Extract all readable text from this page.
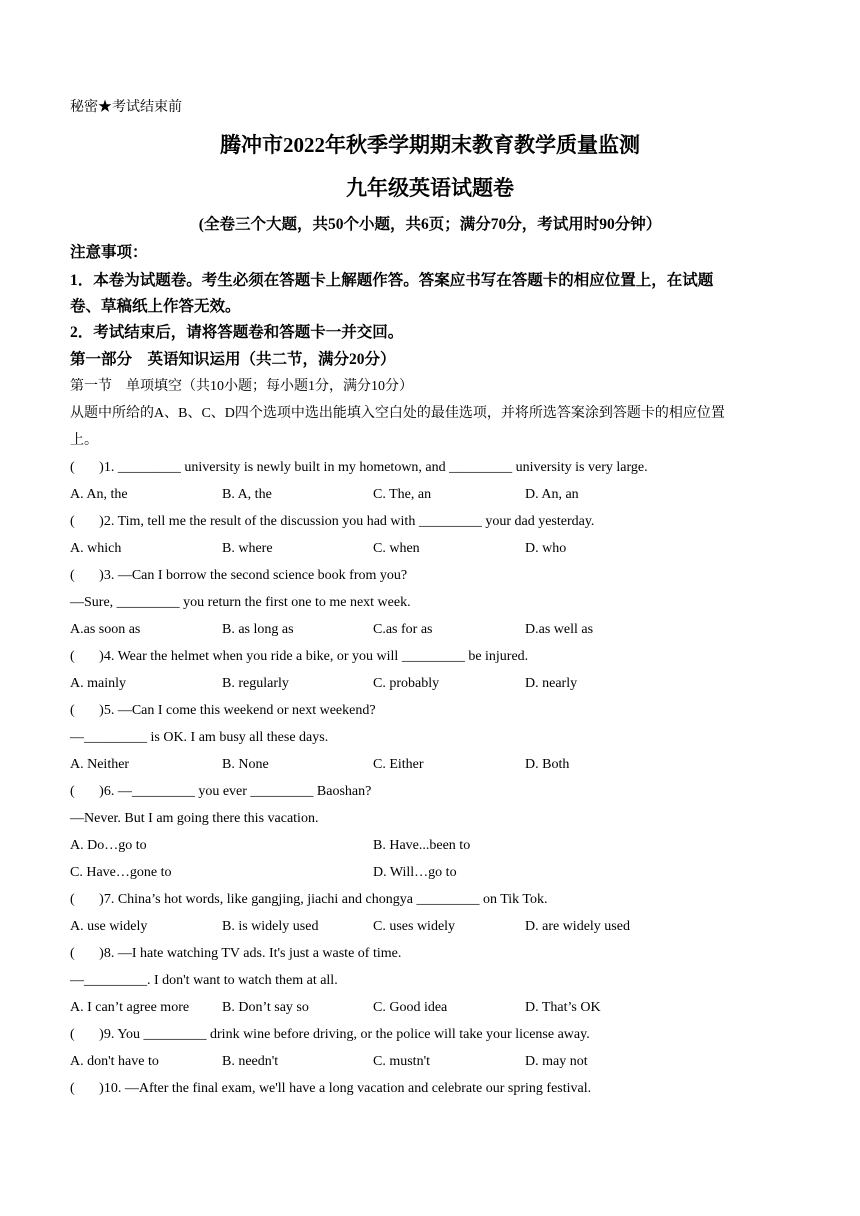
秘密★考试结束前
腾冲市2022年秋季学期期末教育教学质量监测
九年级英语试题卷
(全卷三个大题，共50个小题，共6页；满分70分，考试用时90分钟）
注意事项：
1．本卷为试题卷。考生必须在答题卡上解题作答。答案应书写在答题卡的相应位置上，在试题
卷、草稿纸上作答无效。
2．考试结束后，请将答题卷和答题卡一并交回。
第一部分　英语知识运用（共二节，满分20分）
第一节　单项填空（共10小题；每小题1分，满分10分）
从题中所给的A、B、C、D四个选项中选出能填入空白处的最佳选项，并将所选答案涂到答题卡的相应位置
上。
(       )1. _________ university is newly built in my hometown, and _________ university is very large.
A. An, the	B. A, the	C. The, an	D. An, an
(       )2. Tim, tell me the result of the discussion you had with _________ your dad yesterday.
A. which	B. where	C. when	D. who
(       )3. —Can I borrow the second science book from you?
—Sure, _________ you return the first one to me next week.
A.as soon as	B. as long as	C.as for as	D.as well as
(       )4. Wear the helmet when you ride a bike, or you will _________ be injured.
A. mainly	B. regularly	C. probably	D. nearly
(       )5. —Can I come this weekend or next weekend?
—_________ is OK. I am busy all these days.
A. Neither	B. None	C. Either	D. Both
(       )6. —_________ you ever _________ Baoshan?
—Never. But I am going there this vacation.
A. Do…go to	B. Have...been to
C. Have…gone to	D. Will…go to
(       )7. China’s hot words, like gangjing, jiachi and chongya _________ on Tik Tok.
A. use widely	B. is widely used	C. uses widely	D. are widely used
(       )8. —I hate watching TV ads. It's just a waste of time.
—_________. I don't want to watch them at all.
A. I can’t agree more B. Don’t say so	C. Good idea	D. That’s OK
(       )9. You _________ drink wine before driving, or the police will take your license away.
A. don't have to	B. needn't	C. mustn't	D. may not
(       )10. —After the final exam, we'll have a long vacation and celebrate our spring festival.
